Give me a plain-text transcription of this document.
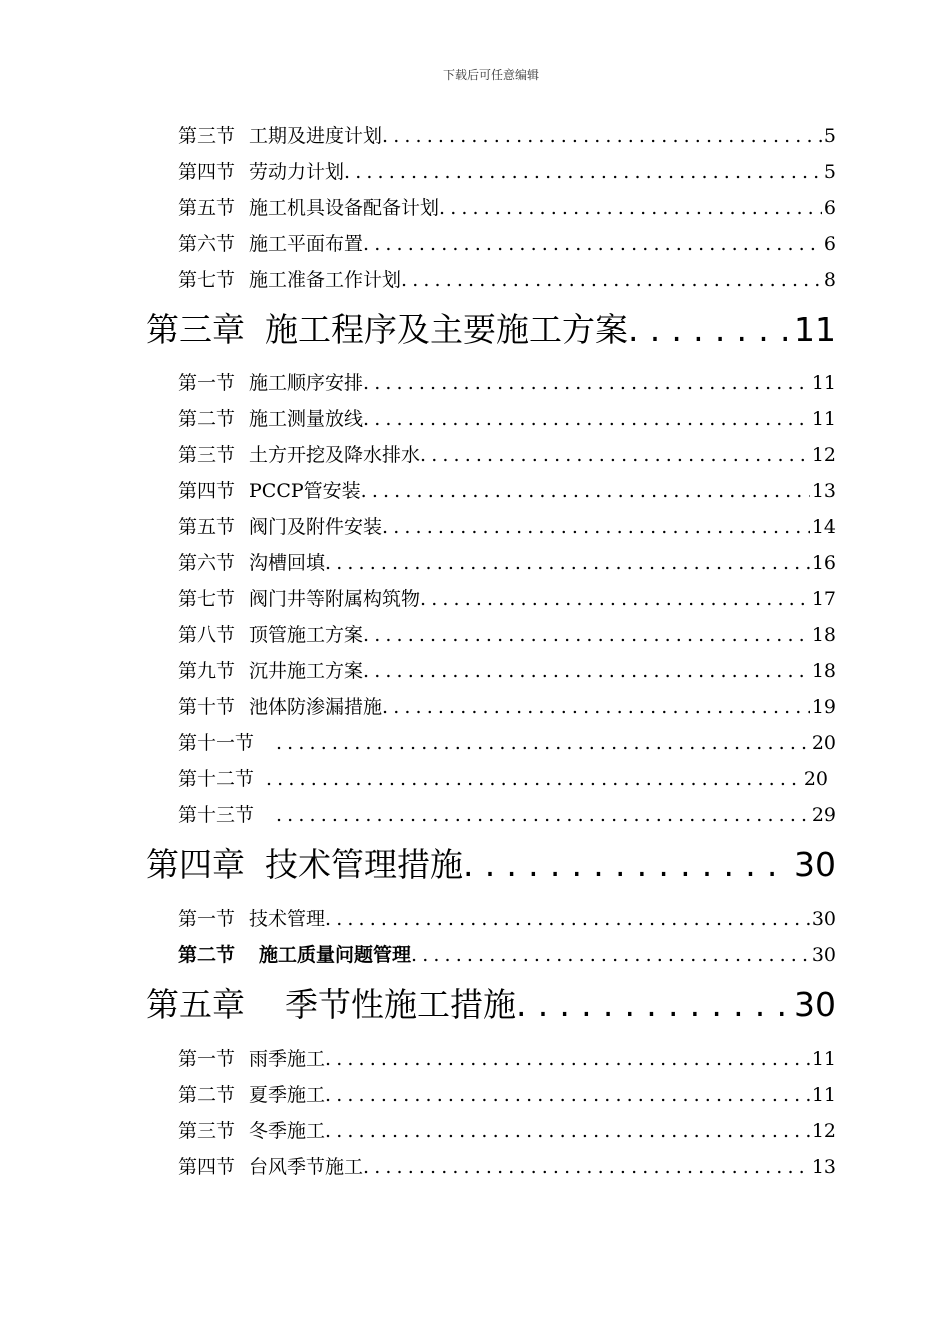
下载后可任意编辑
第三节 工期及进度计划 .....	5
第四节 劳动力计划 .....	5
第五节 施工机具设备配备计划 .....	6
第六节 施工平面布置 .....	6
第七节 施工准备工作计划 .....	8
第三章 施工程序及主要施工方案 .....	11
第一节 施工顺序安排 .....	11
第二节 施工测量放线 .....	11
第三节 土方开挖及降水排水 .....	12
第四节 PCCP管安装 .....	13
第五节 阀门及附件安装 .....	14
第六节 沟槽回填 .....	16
第七节 阀门井等附属构筑物 .....	17
第八节 顶管施工方案 .....	18
第九节 沉井施工方案 .....	18
第十节 池体防渗漏措施 .....	19
第十一节 .....	20
第十二节 .....	20
第十三节 .....	29
第四章 技术管理措施 .....	30
第一节 技术管理 .....	30
第二节 施工质量问题管理 .....	30
第五章 季节性施工措施 .....	30
第一节 雨季施工 .....	11
第二节 夏季施工 .....	11
第三节 冬季施工 .....	12
第四节 台风季节施工 .....	13
